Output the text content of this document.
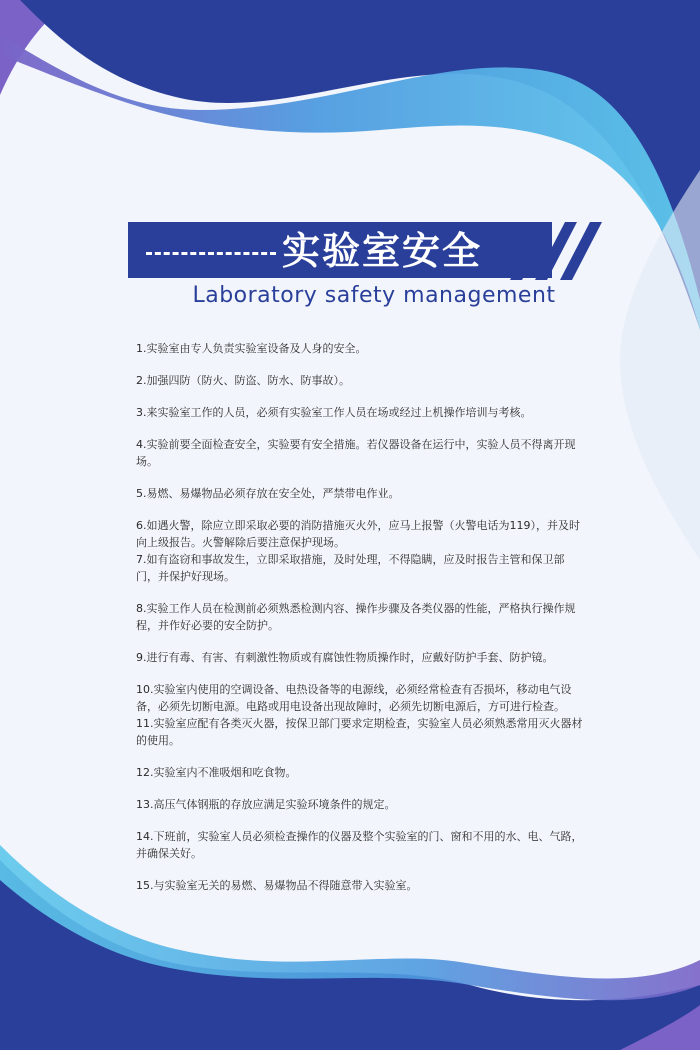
实验室安全
Laboratory safety management

1.实验室由专人负责实验室设备及人身的安全。

2.加强四防（防火、防盗、防水、防事故）。

3.来实验室工作的人员，必须有实验室工作人员在场或经过上机操作培训与考核。

4.实验前要全面检查安全，实验要有安全措施。若仪器设备在运行中，实验人员不得离开现场。

5.易燃、易爆物品必须存放在安全处，严禁带电作业。

6.如遇火警，除应立即采取必要的消防措施灭火外，应马上报警（火警电话为119），并及时向上级报告。火警解除后要注意保护现场。

7.如有盗窃和事故发生，立即采取措施，及时处理，不得隐瞒，应及时报告主管和保卫部门，并保护好现场。

8.实验工作人员在检测前必须熟悉检测内容、操作步骤及各类仪器的性能，严格执行操作规程，并作好必要的安全防护。

9.进行有毒、有害、有刺激性物质或有腐蚀性物质操作时，应戴好防护手套、防护镜。

10.实验室内使用的空调设备、电热设备等的电源线，必须经常检查有否损坏，移动电气设备，必须先切断电源。电路或用电设备出现故障时，必须先切断电源后，方可进行检查。

11.实验室应配有各类灭火器，按保卫部门要求定期检查，实验室人员必须熟悉常用灭火器材的使用。

12.实验室内不准吸烟和吃食物。

13.高压气体钢瓶的存放应满足实验环境条件的规定。

14.下班前，实验室人员必须检查操作的仪器及整个实验室的门、窗和不用的水、电、气路，并确保关好。

15.与实验室无关的易燃、易爆物品不得随意带入实验室。
